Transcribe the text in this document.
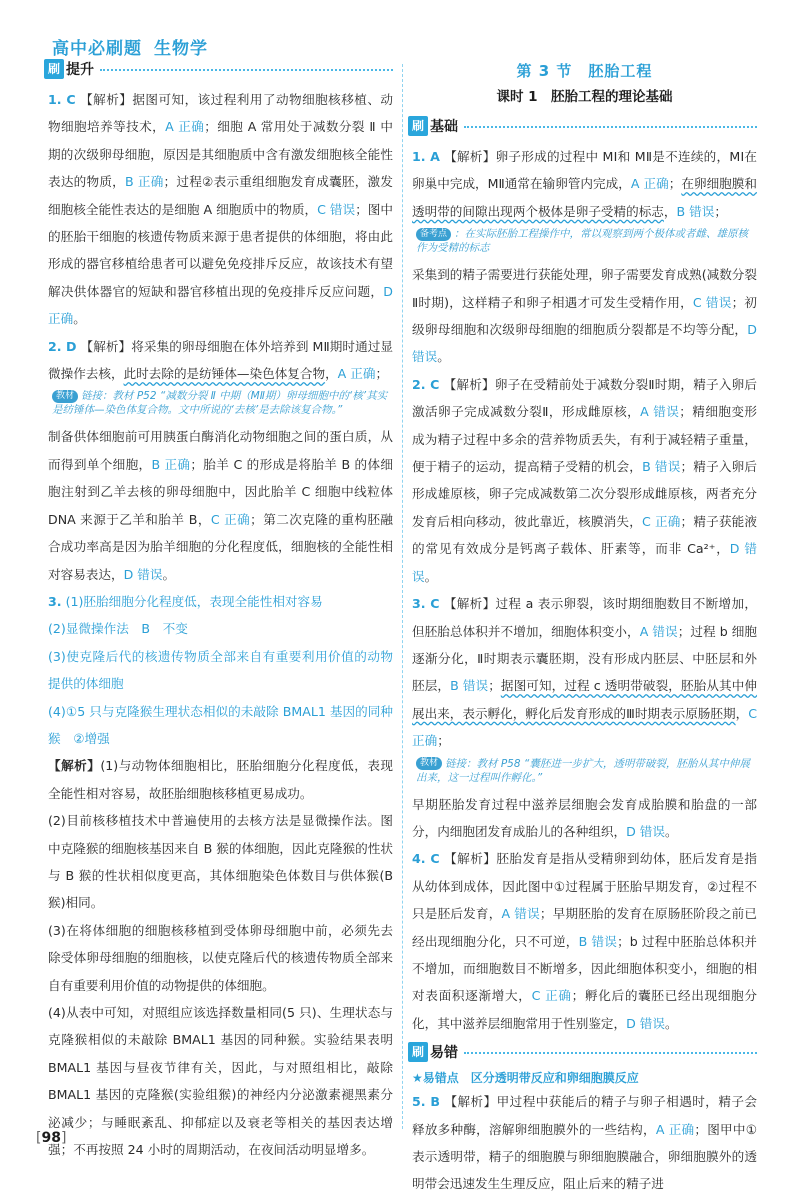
高中必刷题 生物学
刷 提升

1. C 【解析】据图可知，该过程利用了动物细胞核移植、动物细胞培养等技术，A 正确；细胞 A 常用处于减数分裂 Ⅱ 中期的次级卵母细胞，原因是其细胞质中含有激发细胞核全能性表达的物质，B 正确；过程②表示重组细胞发育成囊胚，激发细胞核全能性表达的是细胞 A 细胞质中的物质，C 错误；图中的胚胎干细胞的核遗传物质来源于患者提供的体细胞，将由此形成的器官移植给患者可以避免免疫排斥反应，故该技术有望解决供体器官的短缺和器官移植出现的免疫排斥反应问题，D 正确。

2. D 【解析】将采集的卵母细胞在体外培养到 MⅡ期时通过显微操作去核，此时去除的是纺锤体—染色体复合物，A 正确；

教材 链接：教材 P52 “减数分裂 Ⅱ 中期（MⅡ期）卵母细胞中的‘核’其实是纺锤体—染色体复合物。文中所说的‘去核’是去除该复合物。”

制备供体细胞前可用胰蛋白酶消化动物细胞之间的蛋白质，从而得到单个细胞，B 正确；胎羊 C 的形成是将胎羊 B 的体细胞注射到乙羊去核的卵母细胞中，因此胎羊 C 细胞中线粒体 DNA 来源于乙羊和胎羊 B，C 正确；第二次克隆的重构胚融合成功率高是因为胎羊细胞的分化程度低，细胞核的全能性相对容易表达，D 错误。

3. (1)胚胎细胞分化程度低，表现全能性相对容易
(2)显微操作法　B　不变
(3)使克隆后代的核遗传物质全部来自有重要利用价值的动物提供的体细胞
(4)①5 只与克隆猴生理状态相似的未敲除 BMAL1 基因的同种猴　②增强

【解析】(1)与动物体细胞相比，胚胎细胞分化程度低，表现全能性相对容易，故胚胎细胞核移植更易成功。

(2)目前核移植技术中普遍使用的去核方法是显微操作法。图中克隆猴的细胞核基因来自 B 猴的体细胞，因此克隆猴的性状与 B 猴的性状相似度更高，其体细胞染色体数目与供体猴(B 猴)相同。

(3)在将体细胞的细胞核移植到受体卵母细胞中前，必须先去除受体卵母细胞的细胞核，以使克隆后代的核遗传物质全部来自有重要利用价值的动物提供的体细胞。

(4)从表中可知，对照组应该选择数量相同(5 只)、生理状态与克隆猴相似的未敲除 BMAL1 基因的同种猴。实验结果表明 BMAL1 基因与昼夜节律有关，因此，与对照组相比，敲除 BMAL1 基因的克隆猴(实验组猴)的神经内分泌激素褪黑素分泌减少；与睡眠紊乱、抑郁症以及衰老等相关的基因表达增强；不再按照 24 小时的周期活动，在夜间活动明显增多。

第 3 节　胚胎工程
课时 1　胚胎工程的理论基础
刷 基础

1. A 【解析】卵子形成的过程中 MⅠ和 MⅡ是不连续的，MⅠ在卵巢中完成，MⅡ通常在输卵管内完成，A 正确；在卵细胞膜和透明带的间隙出现两个极体是卵子受精的标志，B 错误；

备考点 ：在实际胚胎工程操作中，常以观察到两个极体或者雌、雄原核作为受精的标志

采集到的精子需要进行获能处理，卵子需要发育成熟(减数分裂Ⅱ时期)，这样精子和卵子相遇才可发生受精作用，C 错误；初级卵母细胞和次级卵母细胞的细胞质分裂都是不均等分配，D 错误。

2. C 【解析】卵子在受精前处于减数分裂Ⅱ时期，精子入卵后激活卵子完成减数分裂Ⅱ，形成雌原核，A 错误；精细胞变形成为精子过程中多余的营养物质丢失，有利于减轻精子重量，便于精子的运动，提高精子受精的机会，B 错误；精子入卵后形成雄原核，卵子完成减数第二次分裂形成雌原核，两者充分发育后相向移动，彼此靠近，核膜消失，C 正确；精子获能液的常见有效成分是钙离子载体、肝素等，而非 Ca²⁺，D 错误。

3. C 【解析】过程 a 表示卵裂，该时期细胞数目不断增加，但胚胎总体积并不增加，细胞体积变小，A 错误；过程 b 细胞逐渐分化，Ⅱ时期表示囊胚期，没有形成内胚层、中胚层和外胚层，B 错误；据图可知，过程 c 透明带破裂，胚胎从其中伸展出来，表示孵化，孵化后发育形成的Ⅲ时期表示原肠胚期，C 正确；

教材 链接：教材 P58 “囊胚进一步扩大，透明带破裂，胚胎从其中伸展出来，这一过程叫作孵化。”

早期胚胎发育过程中滋养层细胞会发育成胎膜和胎盘的一部分，内细胞团发育成胎儿的各种组织，D 错误。

4. C 【解析】胚胎发育是指从受精卵到幼体，胚后发育是指从幼体到成体，因此图中①过程属于胚胎早期发育，②过程不只是胚后发育，A 错误；早期胚胎的发育在原肠胚阶段之前已经出现细胞分化，只不可逆，B 错误；b 过程中胚胎总体积并不增加，而细胞数目不断增多，因此细胞体积变小，细胞的相对表面积逐渐增大，C 正确；孵化后的囊胚已经出现细胞分化，其中滋养层细胞常用于性别鉴定，D 错误。

刷 易错
★易错点　区分透明带反应和卵细胞膜反应

5. B 【解析】甲过程中获能后的精子与卵子相遇时，精子会释放多种酶，溶解卵细胞膜外的一些结构，A 正确；图甲中①表示透明带，精子的细胞膜与卵细胞膜融合，卵细胞膜外的透明带会迅速发生生理反应，阻止后来的精子进

[98]
